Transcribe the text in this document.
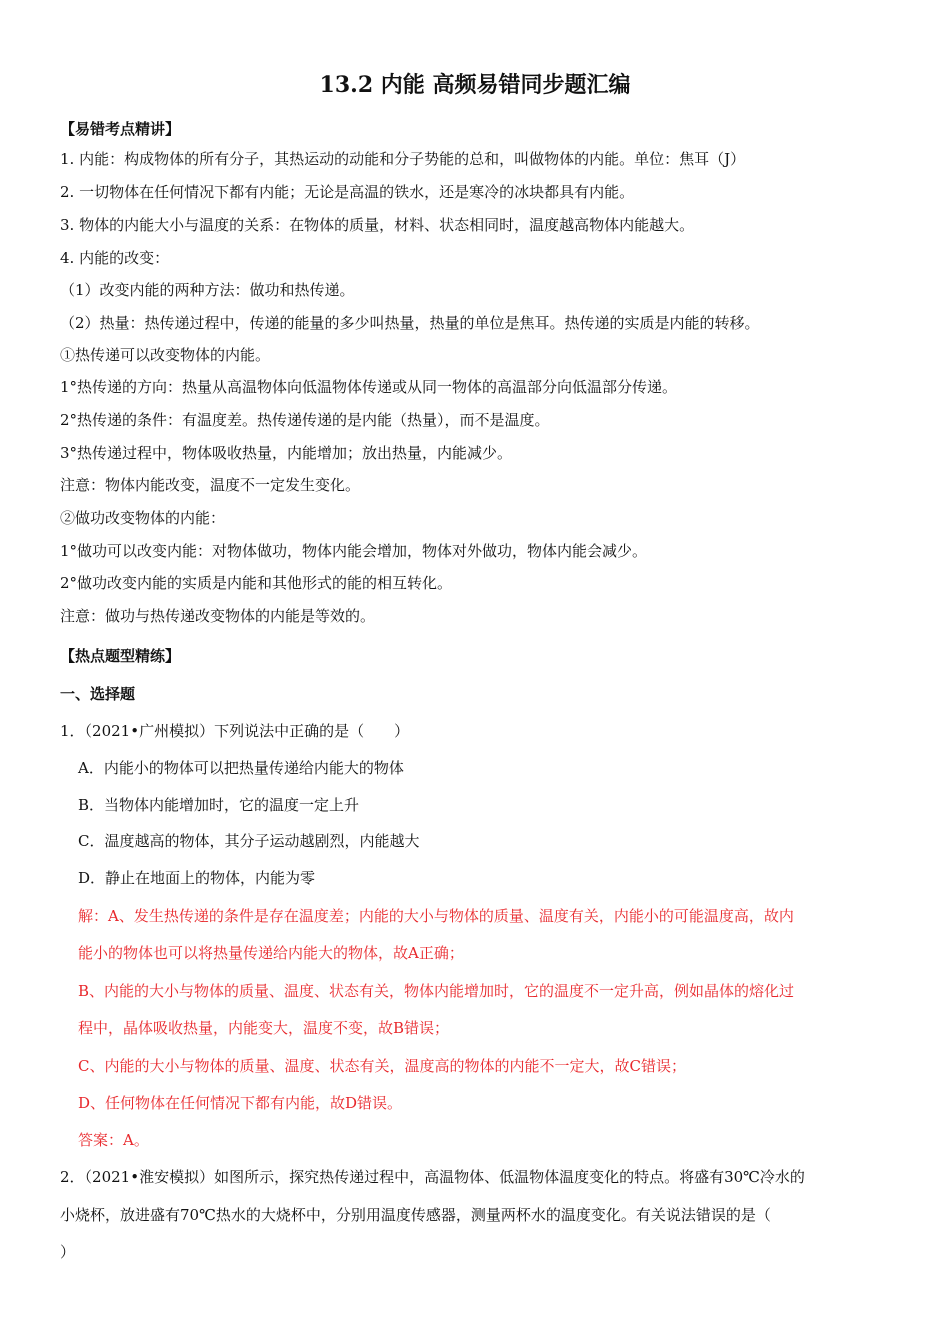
13.2 内能 高频易错同步题汇编
【易错考点精讲】
1. 内能：构成物体的所有分子，其热运动的动能和分子势能的总和，叫做物体的内能。单位：焦耳（J）
2. 一切物体在任何情况下都有内能；无论是高温的铁水，还是寒冷的冰块都具有内能。
3. 物体的内能大小与温度的关系：在物体的质量，材料、状态相同时，温度越高物体内能越大。
4. 内能的改变：
（1）改变内能的两种方法：做功和热传递。
（2）热量：热传递过程中，传递的能量的多少叫热量，热量的单位是焦耳。热传递的实质是内能的转移。
①热传递可以改变物体的内能。
1°热传递的方向：热量从高温物体向低温物体传递或从同一物体的高温部分向低温部分传递。
2°热传递的条件：有温度差。热传递传递的是内能（热量），而不是温度。
3°热传递过程中，物体吸收热量，内能增加；放出热量，内能减少。
注意：物体内能改变，温度不一定发生变化。
②做功改变物体的内能：
1°做功可以改变内能：对物体做功，物体内能会增加，物体对外做功，物体内能会减少。
2°做功改变内能的实质是内能和其他形式的能的相互转化。
注意：做功与热传递改变物体的内能是等效的。
【热点题型精练】
一、选择题
1．（2021•广州模拟）下列说法中正确的是（　　）
A．内能小的物体可以把热量传递给内能大的物体
B．当物体内能增加时，它的温度一定上升
C．温度越高的物体，其分子运动越剧烈，内能越大
D．静止在地面上的物体，内能为零
解：A、发生热传递的条件是存在温度差；内能的大小与物体的质量、温度有关，内能小的可能温度高，故内
能小的物体也可以将热量传递给内能大的物体，故A正确；
B、内能的大小与物体的质量、温度、状态有关，物体内能增加时，它的温度不一定升高，例如晶体的熔化过
程中，晶体吸收热量，内能变大，温度不变，故B错误；
C、内能的大小与物体的质量、温度、状态有关，温度高的物体的内能不一定大，故C错误；
D、任何物体在任何情况下都有内能，故D错误。
答案：A。
2．（2021•淮安模拟）如图所示，探究热传递过程中，高温物体、低温物体温度变化的特点。将盛有30℃冷水的
小烧杯，放进盛有70℃热水的大烧杯中，分别用温度传感器，测量两杯水的温度变化。有关说法错误的是（
）
